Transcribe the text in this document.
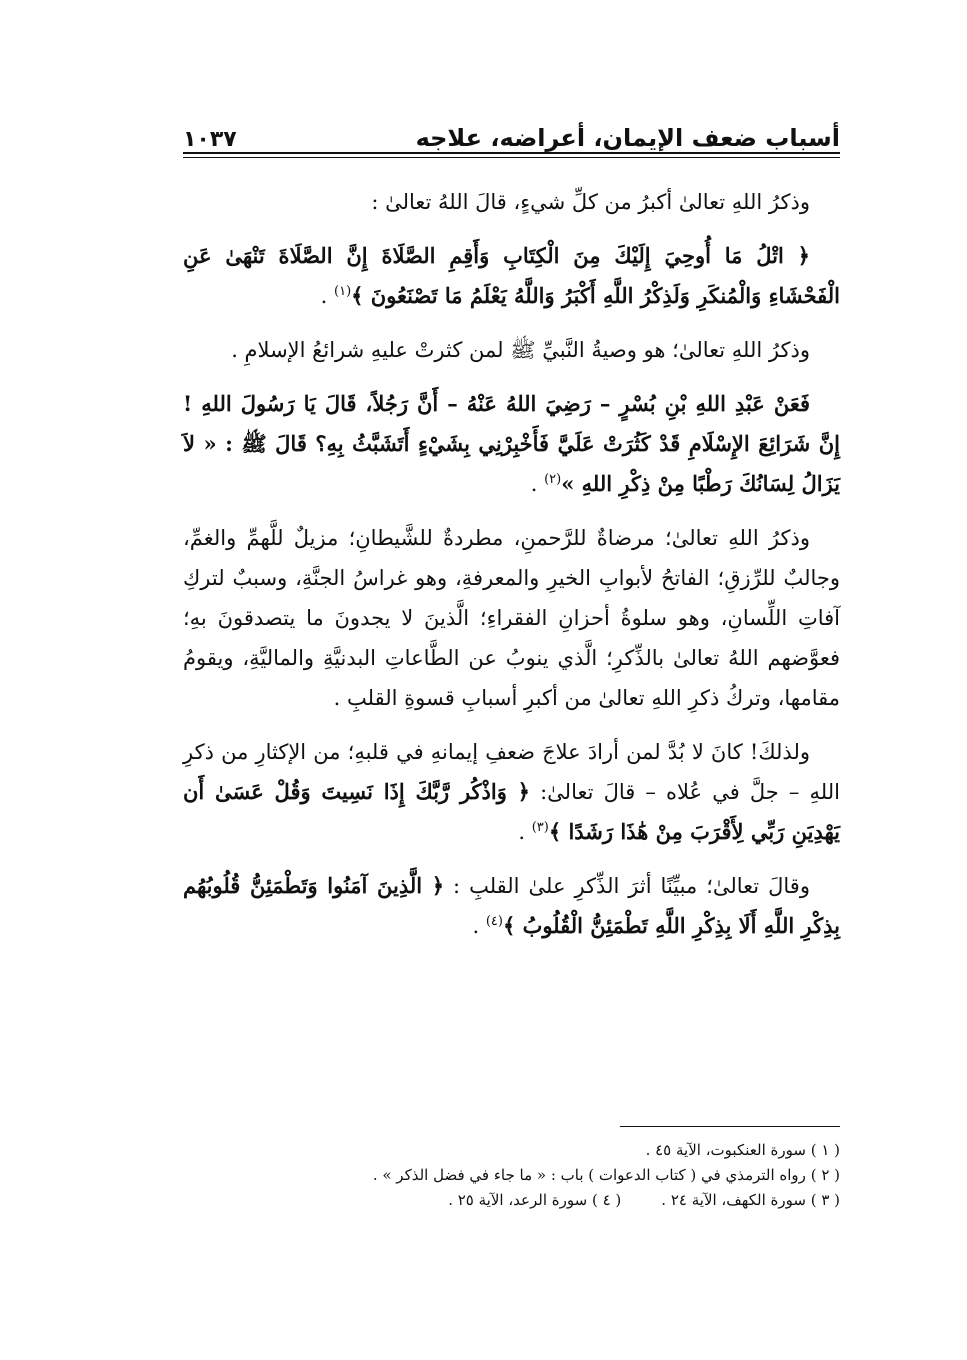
أسباب ضعف الإيمان، أعراضه، علاجه
١٠٣٧

وذكرُ اللهِ تعالىٰ أكبرُ من كلِّ شيءٍ، قالَ اللهُ تعالىٰ :

﴿ اتْلُ مَا أُوحِيَ إِلَيْكَ مِنَ الْكِتَابِ وَأَقِمِ الصَّلَاةَ إِنَّ الصَّلَاةَ تَنْهَىٰ عَنِ الْفَحْشَاءِ وَالْمُنكَرِ وَلَذِكْرُ اللَّهِ أَكْبَرُ وَاللَّهُ يَعْلَمُ مَا تَصْنَعُونَ ﴾$^{(١)}$ .

وذكرُ اللهِ تعالىٰ؛ هو وصيةُ النَّبيِّ ﷺ لمن كثرتْ عليهِ شرائعُ الإسلامِ .

فَعَنْ عَبْدِ اللهِ بْنِ بُسْرٍ – رَضِيَ اللهُ عَنْهُ – أَنَّ رَجُلاً، قَالَ يَا رَسُولَ اللهِ ! إِنَّ شَرَائِعَ الإِسْلَامِ قَدْ كَثُرَتْ عَلَيَّ فَأَخْبِرْنِي بِشَيْءٍ أَتَشَبَّثُ بِهِ؟ قَالَ ﷺ : « لاَ يَزَالُ لِسَانُكَ رَطْبًا مِنْ ذِكْرِ اللهِ »$^{(٢)}$ .

وذكرُ اللهِ تعالىٰ؛ مرضاةٌ للرَّحمنِ، مطردةٌ للشَّيطانِ؛ مزيلٌ للَّهمِّ والغمِّ، وجالبٌ للرِّزقِ؛ الفاتحُ لأبوابِ الخيرِ والمعرفةِ، وهو غراسُ الجنَّةِ، وسببٌ لتركِ آفاتِ اللِّسانِ، وهو سلوةُ أحزانِ الفقراءِ؛ الَّذينَ لا يجدونَ ما يتصدقونَ بهِ؛ فعوَّضهم اللهُ تعالىٰ بالذِّكرِ؛ الَّذي ينوبُ عن الطَّاعاتِ البدنيَّةِ والماليَّةِ، ويقومُ مقامها، وتركُ ذكرِ اللهِ تعالىٰ من أكبرِ أسبابِ قسوةِ القلبِ .

ولذلكَ! كانَ لا بُدَّ لمن أرادَ علاجَ ضعفِ إيمانهِ في قلبهِ؛ من الإكثارِ من ذكرِ اللهِ – جلَّ في عُلاه – قالَ تعالىٰ: ﴿ وَاذْكُر رَّبَّكَ إِذَا نَسِيتَ وَقُلْ عَسَىٰ أَن يَهْدِيَنِ رَبِّي لِأَقْرَبَ مِنْ هَٰذَا رَشَدًا ﴾$^{(٣)}$ .

وقالَ تعالىٰ؛ مبيِّنًا أثرَ الذِّكرِ علىٰ القلبِ : ﴿ الَّذِينَ آمَنُوا وَتَطْمَئِنُّ قُلُوبُهُم بِذِكْرِ اللَّهِ أَلَا بِذِكْرِ اللَّهِ تَطْمَئِنُّ الْقُلُوبُ ﴾$^{(٤)}$ .

( ١ ) سورة العنكبوت، الآية ٤٥ .

( ٢ ) رواه الترمذي في ( كتاب الدعوات ) باب : « ما جاء في فضل الذكر » .

( ٣ ) سورة الكهف، الآية ٢٤ .
( ٤ ) سورة الرعد، الآية ٢٥ .
